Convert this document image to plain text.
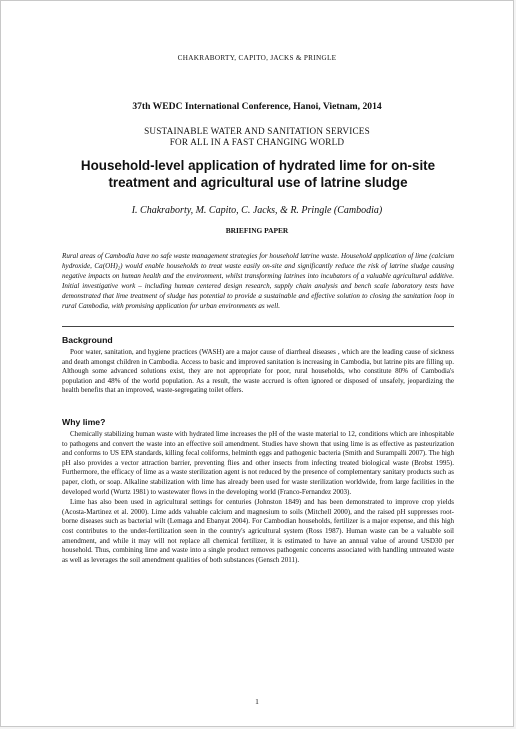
CHAKRABORTY, CAPITO, JACKS & PRINGLE
37th WEDC International Conference, Hanoi, Vietnam, 2014
SUSTAINABLE WATER AND SANITATION SERVICES
FOR ALL IN A FAST CHANGING WORLD
Household-level application of hydrated lime for on-site
treatment and agricultural use of latrine sludge
I. Chakraborty, M. Capito, C. Jacks, & R. Pringle (Cambodia)
BRIEFING PAPER
Rural areas of Cambodia have no safe waste management strategies for household latrine waste. Household application of lime (calcium hydroxide, Ca(OH)₂) would enable households to treat waste easily on-site and significantly reduce the risk of latrine sludge causing negative impacts on human health and the environment, whilst transforming latrines into incubators of a valuable agricultural additive. Initial investigative work – including human centered design research, supply chain analysis and bench scale laboratory tests have demonstrated that lime treatment of sludge has potential to provide a sustainable and effective solution to closing the sanitation loop in rural Cambodia, with promising application for urban environments as well.
Background

Poor water, sanitation, and hygiene practices (WASH) are a major cause of diarrheal diseases , which are the leading cause of sickness and death amongst children in Cambodia. Access to basic and improved sanitation is increasing in Cambodia, but latrine pits are filling up. Although some advanced solutions exist, they are not appropriate for poor, rural households, who constitute 80% of Cambodia's population and 48% of the world population. As a result, the waste accrued is often ignored or disposed of unsafely, jeopardizing the health benefits that an improved, waste-segregating toilet offers.

Why lime?

Chemically stabilizing human waste with hydrated lime increases the pH of the waste material to 12, conditions which are inhospitable to pathogens and convert the waste into an effective soil amendment. Studies have shown that using lime is as effective as pasteurization and conforms to US EPA standards, killing fecal coliforms, helminth eggs and pathogenic bacteria (Smith and Surampalli 2007). The high pH also provides a vector attraction barrier, preventing flies and other insects from infecting treated biological waste (Brobst 1995). Furthermore, the efficacy of lime as a waste sterilization agent is not reduced by the presence of complementary sanitary products such as paper, cloth, or soap. Alkaline stabilization with lime has already been used for waste sterilization worldwide, from large facilities in the developed world (Wurtz 1981) to wastewater flows in the developing world (Franco-Fernandez 2003).

Lime has also been used in agricultural settings for centuries (Johnston 1849) and has been demonstrated to improve crop yields (Acosta-Martinez et al. 2000). Lime adds valuable calcium and magnesium to soils (Mitchell 2000), and the raised pH suppresses root-borne diseases such as bacterial wilt (Lemaga and Ebanyat 2004). For Cambodian households, fertilizer is a major expense, and this high cost contributes to the under-fertilization seen in the country's agricultural system (Ross 1987). Human waste can be a valuable soil amendment, and while it may will not replace all chemical fertilizer, it is estimated to have an annual value of around USD30 per household. Thus, combining lime and waste into a single product removes pathogenic concerns associated with handling untreated waste as well as leverages the soil amendment qualities of both substances (Gensch 2011).

1
